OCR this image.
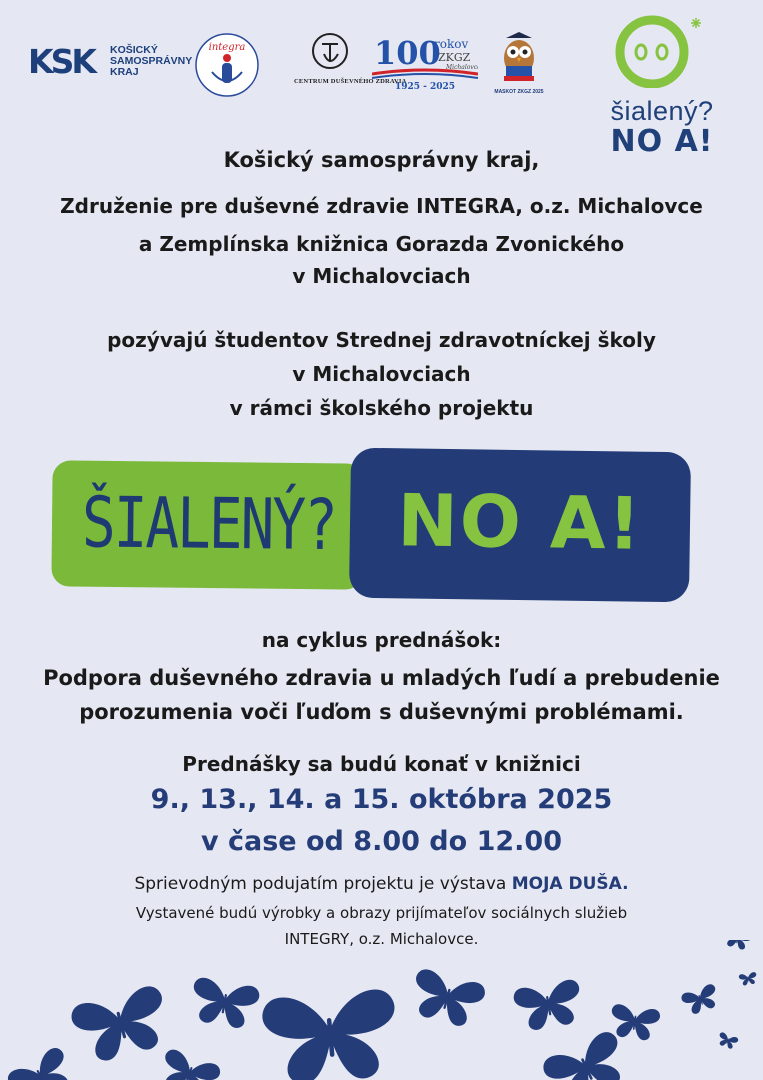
KSK	KOŠICKÝ
SAMOSPRÁVNY
KRAJ
integra
CENTRUM DUŠEVNÉHO ZDRAVIA
100
rokov
ZKGZ
Michalovce
1925 - 2025	MASKOT ZKGZ 2025
šialený?
NO A!
Košický samosprávny kraj,
Združenie pre duševné zdravie INTEGRA, o.z. Michalovce
a Zemplínska knižnica Gorazda Zvonického
v Michalovciach
pozývajú študentov Strednej zdravotníckej školy
v Michalovciach
v rámci školského projektu
ŠIALENÝ? NO A!
na cyklus prednášok:
Podpora duševného zdravia u mladých ľudí a prebudenie
porozumenia voči ľuďom s duševnými problémami.
Prednášky sa budú konať v knižnici
9., 13., 14. a 15. októbra 2025
v čase od 8.00 do 12.00
Sprievodným podujatím projektu je výstava MOJA DUŠA.
Vystavené budú výrobky a obrazy prijímateľov sociálnych služieb
INTEGRY, o.z. Michalovce.
